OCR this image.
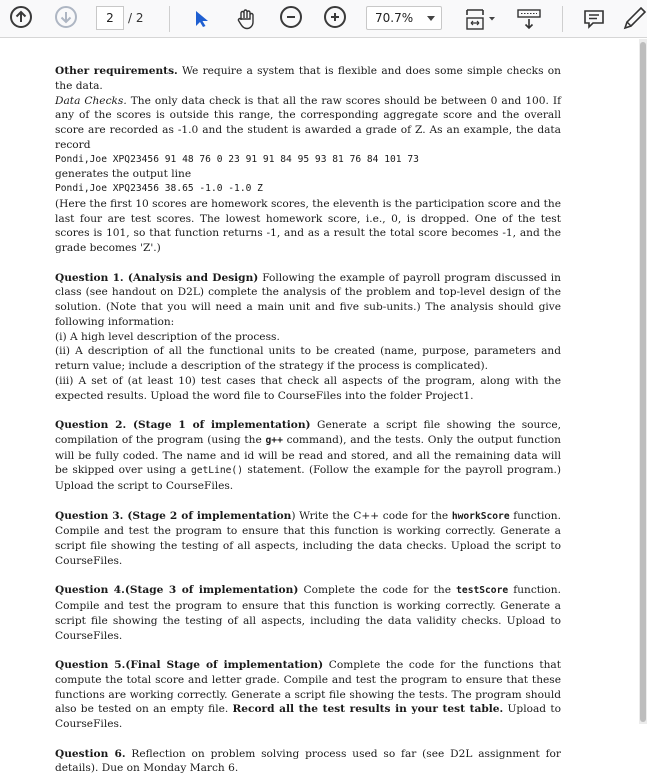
2 / 2	70.7%

Other requirements. We require a system that is flexible and does some simple checks on the data.

Data Checks. The only data check is that all the raw scores should be between 0 and 100. If any of the scores is outside this range, the corresponding aggregate score and the overall score are recorded as -1.0 and the student is awarded a grade of Z. As an example, the data record

Pondi,Joe XPQ23456 91 48 76 0 23 91 91 84 95 93 81 76 84 101 73

generates the output line

Pondi,Joe XPQ23456 38.65 -1.0 -1.0 Z

(Here the first 10 scores are homework scores, the eleventh is the participation score and the last four are test scores. The lowest homework score, i.e., 0, is dropped. One of the test scores is 101, so that function returns -1, and as a result the total score becomes -1, and the grade becomes 'Z'.)

Question 1. (Analysis and Design) Following the example of payroll program discussed in class (see handout on D2L) complete the analysis of the problem and top-level design of the solution. (Note that you will need a main unit and five sub-units.) The analysis should give following information:

(i) A high level description of the process.

(ii) A description of all the functional units to be created (name, purpose, parameters and return value; include a description of the strategy if the process is complicated).

(iii) A set of (at least 10) test cases that check all aspects of the program, along with the expected results. Upload the word file to CourseFiles into the folder Project1.

Question 2. (Stage 1 of implementation) Generate a script file showing the source, compilation of the program (using the g++ command), and the tests. Only the output function will be fully coded. The name and id will be read and stored, and all the remaining data will be skipped over using a getLine() statement. (Follow the example for the payroll program.) Upload the script to CourseFiles.

Question 3. (Stage 2 of implementation) Write the C++ code for the hworkScore function. Compile and test the program to ensure that this function is working correctly. Generate a script file showing the testing of all aspects, including the data checks. Upload the script to CourseFiles.

Question 4.(Stage 3 of implementation) Complete the code for the testScore function. Compile and test the program to ensure that this function is working correctly. Generate a script file showing the testing of all aspects, including the data validity checks. Upload to CourseFiles.

Question 5.(Final Stage of implementation) Complete the code for the functions that compute the total score and letter grade. Compile and test the program to ensure that these functions are working correctly. Generate a script file showing the tests. The program should also be tested on an empty file. Record all the test results in your test table. Upload to CourseFiles.

Question 6. Reflection on problem solving process used so far (see D2L assignment for details). Due on Monday March 6.
